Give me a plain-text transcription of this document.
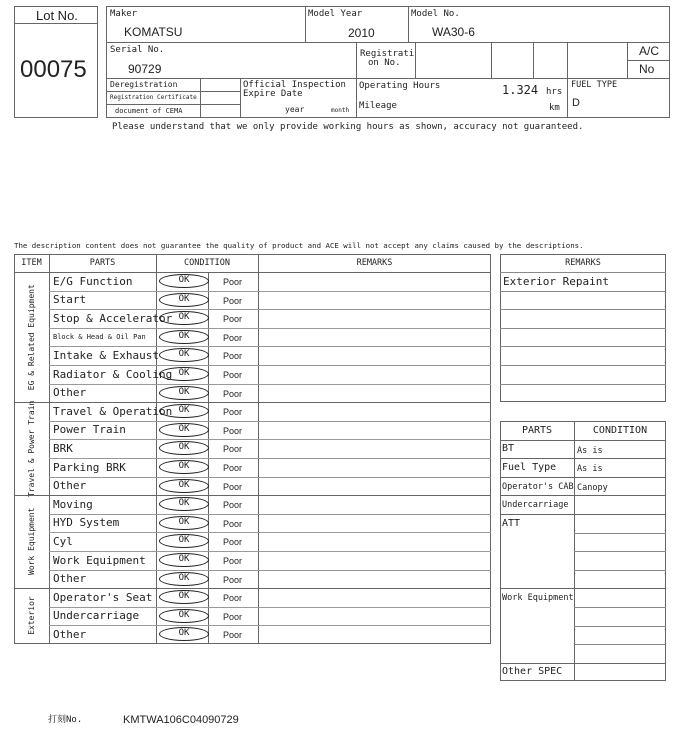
Lot No.
00075
Maker
KOMATSU
Model Year
2010
Model No.
WA30-6
Serial No.
90729
Registrati
on No.
A/C
No
Deregistration
Registration Certificate
document of CEMA
Official Inspection
Expire Date
year	month
Operating Hours	1.324 hrs
Mileage	km
FUEL TYPE
D
Please understand that we only provide working hours as shown, accuracy not guaranteed.
The description content does not guarantee the quality of product and ACE will not accept any claims caused by the descriptions.
ITEM	PARTS	CONDITION	REMARKS
EG & Related Equipment
E/G Function	OK	Poor
Start	OK	Poor
Stop & Accelerator OK	Poor
Block & Head & Oil Pan	OK	Poor
Intake & Exhaust	OK	Poor
Radiator & Cooling OK	Poor
Other	OK	Poor
Travel & Power Train	Travel & Operation OK	Poor
Power Train	OK	Poor
BRK	OK	Poor
Parking BRK	OK	Poor
Other	OK	Poor
Work Equipment
Moving	OK	Poor
HYD System	OK	Poor
Cyl	OK	Poor
Work Equipment	OK	Poor
Other	OK	Poor
Exterior	Operator's Seat	OK	Poor
Undercarriage	OK	Poor
Other	OK	Poor
REMARKS
Exterior Repaint
PARTS	CONDITION
BT	As is
Fuel Type As is
Operator's CAB Canopy
Undercarriage
ATT
Work Equipment
Other SPEC
打刻No.	KMTWA106C04090729
